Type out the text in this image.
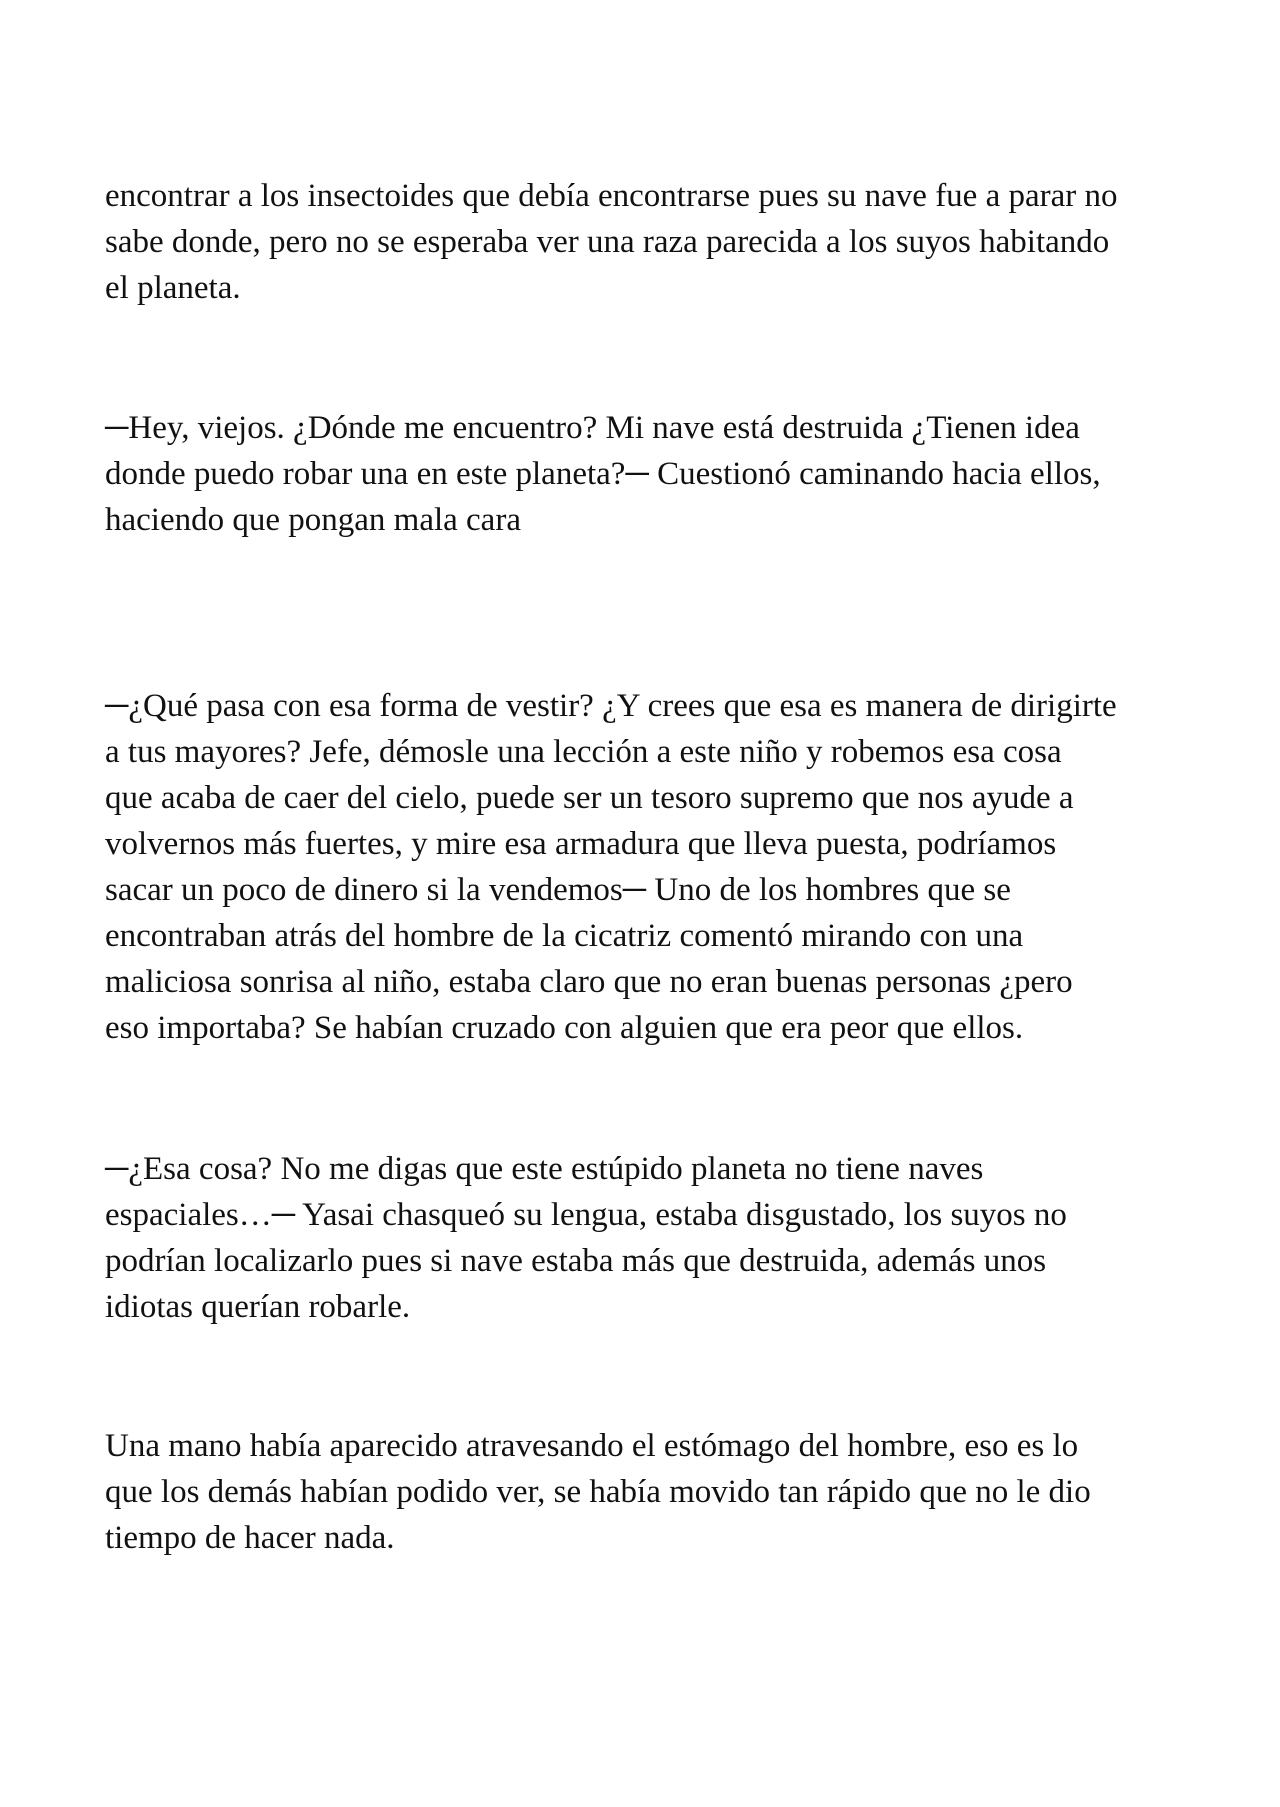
encontrar a los insectoides que debía encontrarse pues su nave fue a parar no
sabe donde, pero no se esperaba ver una raza parecida a los suyos habitando
el planeta.

─Hey, viejos. ¿Dónde me encuentro? Mi nave está destruida ¿Tienen idea
donde puedo robar una en este planeta?─ Cuestionó caminando hacia ellos,
haciendo que pongan mala cara

─¿Qué pasa con esa forma de vestir? ¿Y crees que esa es manera de dirigirte
a tus mayores? Jefe, démosle una lección a este niño y robemos esa cosa
que acaba de caer del cielo, puede ser un tesoro supremo que nos ayude a
volvernos más fuertes, y mire esa armadura que lleva puesta, podríamos
sacar un poco de dinero si la vendemos─ Uno de los hombres que se
encontraban atrás del hombre de la cicatriz comentó mirando con una
maliciosa sonrisa al niño, estaba claro que no eran buenas personas ¿pero
eso importaba? Se habían cruzado con alguien que era peor que ellos.

─¿Esa cosa? No me digas que este estúpido planeta no tiene naves
espaciales…─ Yasai chasqueó su lengua, estaba disgustado, los suyos no
podrían localizarlo pues si nave estaba más que destruida, además unos
idiotas querían robarle.

Una mano había aparecido atravesando el estómago del hombre, eso es lo
que los demás habían podido ver, se había movido tan rápido que no le dio
tiempo de hacer nada.
